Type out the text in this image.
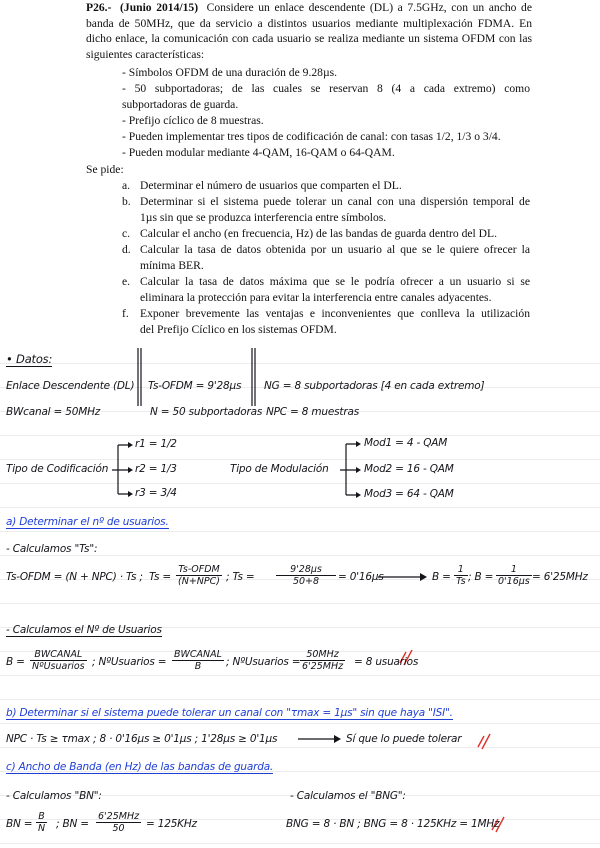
P26.- (Junio 2014/15) Considere un enlace descendente (DL) a 7.5GHz, con un ancho de banda de 50MHz, que da servicio a distintos usuarios mediante multiplexación FDMA. En dicho enlace, la comunicación con cada usuario se realiza mediante un sistema OFDM con las siguientes características:
- Símbolos OFDM de una duración de 9.28µs.
- 50 subportadoras; de las cuales se reservan 8 (4 a cada extremo) como
subportadoras de guarda.
- Prefijo cíclico de 8 muestras.
- Pueden implementar tres tipos de codificación de canal: con tasas 1/2, 1/3 o 3/4.
- Pueden modular mediante 4-QAM, 16-QAM o 64-QAM.
Se pide:
a. Determinar el número de usuarios que comparten el DL.
b. Determinar si el sistema puede tolerar un canal con una dispersión temporal de
1µs sin que se produzca interferencia entre símbolos.
c. Calcular el ancho (en frecuencia, Hz) de las bandas de guarda dentro del DL.
d. Calcular la tasa de datos obtenida por un usuario al que se le quiere ofrecer la
mínima BER.
e. Calcular la tasa de datos máxima que se le podría ofrecer a un usuario si se
eliminara la protección para evitar la interferencia entre canales adyacentes.
f. Exponer brevemente las ventajas e inconvenientes que conlleva la utilización
del Prefijo Cíclico en los sistemas OFDM.
• Datos:
Enlace Descendente (DL)
BWcanal = 50MHz
Ts-OFDM = 9'28µs
N = 50 subportadoras
NG = 8 subportadoras [4 en cada extremo]
NPC = 8 muestras
Tipo de Codificación
r1 = 1/2
r2 = 1/3
r3 = 3/4
Tipo de Modulación
Mod1 = 4 - QAM
Mod2 = 16 - QAM
Mod3 = 64 - QAM
a) Determinar el nº de usuarios.
- Calculamos "Ts":
Ts-OFDM = (N + NPC) · Ts ; Ts =
Ts-OFDM
(N+NPC) ; Ts =
9'28µs
50+8	= 0'16µs	$B = \frac{1}{Ts}$ ; B =
1
0'16µs = 6'25MHz
- Calculamos el Nº de Usuarios
B =
BWCANAL
NºUsuarios ; NºUsuarios =
BWCANAL
B	; NºUsuarios =
50MHz
6'25MHz = 8 usuarios
b) Determinar si el sistema puede tolerar un canal con "τmax = 1µs" sin que haya "ISI".
NPC · Ts ≥ τmax ; 8 · 0'16µs ≥ 0'1µs ; 1'28µs ≥ 0'1µs	Sí que lo puede tolerar
c) Ancho de Banda (en Hz) de las bandas de guarda.
- Calculamos "BN":	- Calculamos el "BNG":
BN = $\frac{B}{N}$ ; BN =
6'25MHz
50	= 125KHz	BNG = 8 · BN ; BNG = 8 · 125KHz = 1MHz
